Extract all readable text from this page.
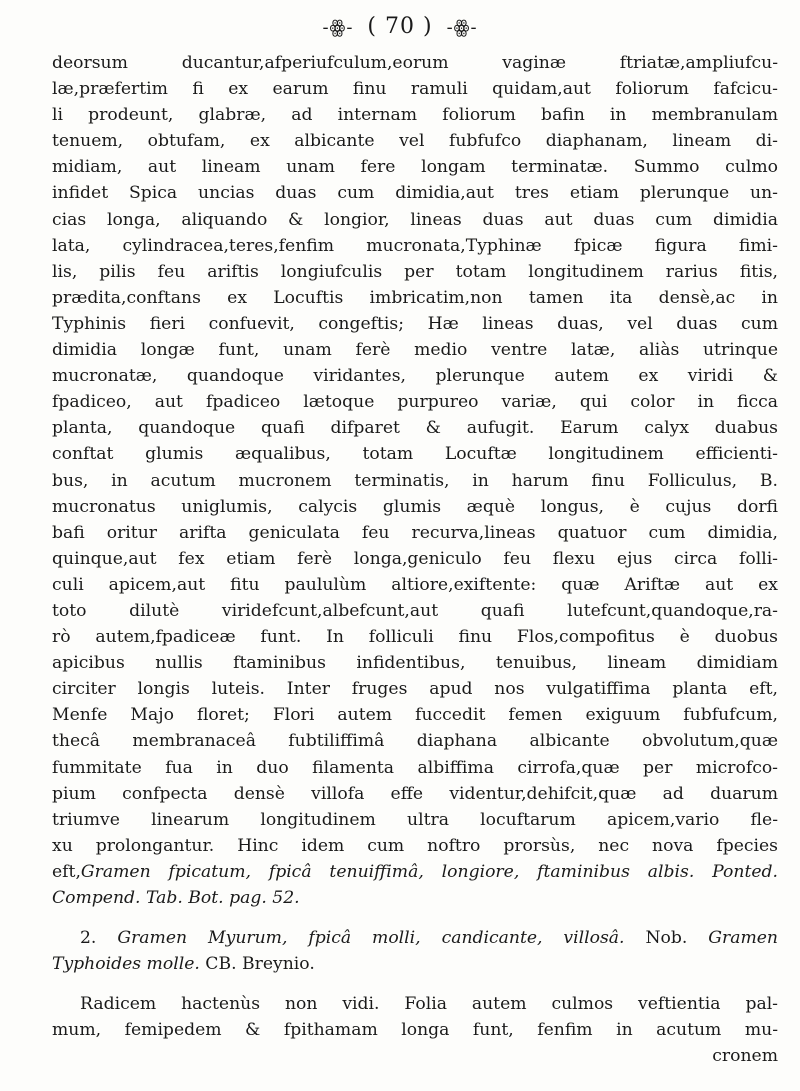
-ꙮ- ( 70 ) -ꙮ-
deorsum ducantur,afperiufculum,eorum vaginæ ftriatæ,ampliufcu-
læ,præfertim fi ex earum finu ramuli quidam,aut foliorum fafcicu-
li prodeunt, glabræ, ad internam foliorum bafin in membranulam
tenuem, obtufam, ex albicante vel fubfufco diaphanam, lineam di-
midiam, aut lineam unam fere longam terminatæ. Summo culmo
infidet Spica uncias duas cum dimidia,aut tres etiam plerunque un-
cias longa, aliquando & longior, lineas duas aut duas cum dimidia
lata, cylindracea,teres,fenfim mucronata,Typhinæ fpicæ figura fimi-
lis, pilis feu ariftis longiufculis per totam longitudinem rarius fitis,
prædita,conftans ex Locuftis imbricatim,non tamen ita densè,ac in
Typhinis fieri confuevit, congeftis; Hæ lineas duas, vel duas cum
dimidia longæ funt, unam ferè medio ventre latæ, aliàs utrinque
mucronatæ, quandoque viridantes, plerunque autem ex viridi &
fpadiceo, aut fpadiceo lætoque purpureo variæ, qui color in ficca
planta, quandoque quafi difparet & aufugit. Earum calyx duabus
conftat glumis æqualibus, totam Locuftæ longitudinem efficienti-
bus, in acutum mucronem terminatis, in harum finu Folliculus, B.
mucronatus uniglumis, calycis glumis æquè longus, è cujus dorfi
bafi oritur arifta geniculata feu recurva,lineas quatuor cum dimidia,
quinque,aut fex etiam ferè longa,geniculo feu flexu ejus circa folli-
culi apicem,aut fitu paululùm altiore,exiftente: quæ Ariftæ aut ex
toto dilutè viridefcunt,albefcunt,aut quafi lutefcunt,quandoque,ra-
rò autem,fpadiceæ funt. In folliculi finu Flos,compofitus è duobus
apicibus nullis ftaminibus infidentibus, tenuibus, lineam dimidiam
circiter longis luteis. Inter fruges apud nos vulgatiffima planta eft,
Menfe Majo floret; Flori autem fuccedit femen exiguum fubfufcum,
thecâ membranaceâ fubtiliffimâ diaphana albicante obvolutum,quæ
fummitate fua in duo filamenta albiffima cirrofa,quæ per microfco-
pium confpecta densè villofa effe videntur,dehifcit,quæ ad duarum
triumve linearum longitudinem ultra locuftarum apicem,vario fle-
xu prolongantur. Hinc idem cum noftro prorsùs, nec nova fpecies
eft,Gramen fpicatum, fpicâ tenuiffimâ, longiore, ftaminibus albis. Ponted.
Compend. Tab. Bot. pag. 52.
2. Gramen Myurum, fpicâ molli, candicante, villosâ. Nob. Gramen
Typhoides molle. CB. Breynio.
Radicem hactenùs non vidi. Folia autem culmos veftientia pal-
mum, femipedem & fpithamam longa funt, fenfim in acutum mu-
cronem
